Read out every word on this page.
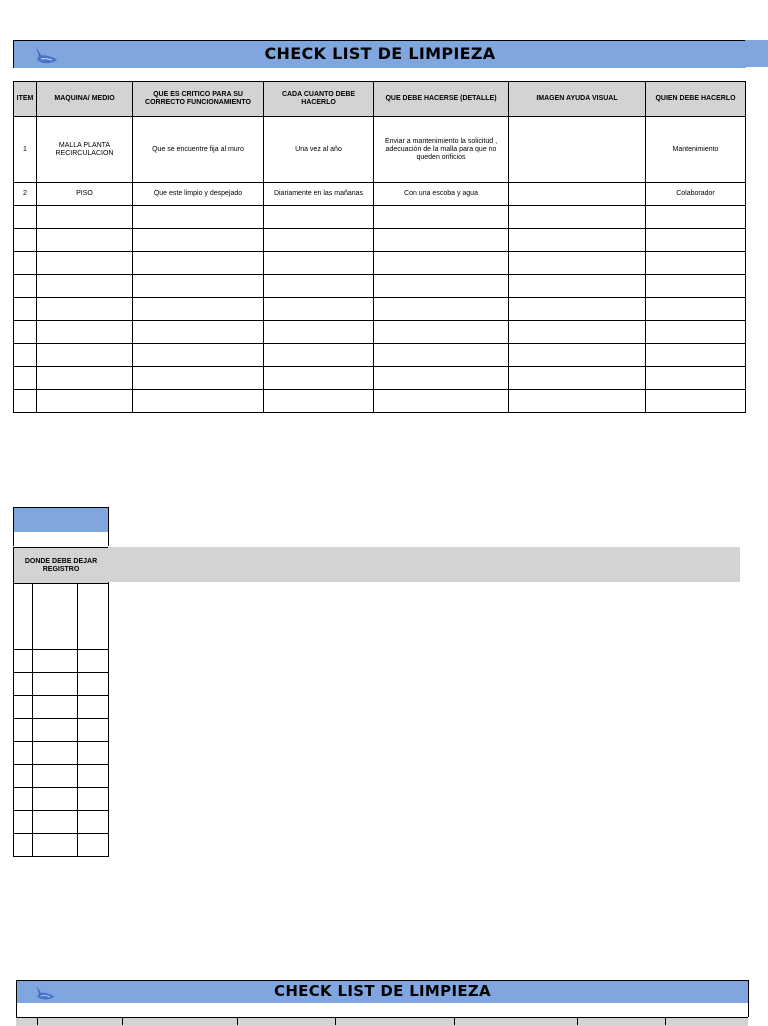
CHECK LIST DE LIMPIEZA
ITEM	MAQUINA/ MEDIO	QUE ES CRITICO PARA SU CORRECTO FUNCIONAMIENTO	CADA CUANTO DEBE HACERLO	QUE DEBE HACERSE (DETALLE)	IMAGEN AYUDA VISUAL	QUIEN DEBE HACERLO
1	MALLA PLANTA RECIRCULACION	Que se encuentre fija al muro	Una vez al año	Enviar a mantenimiento la solicitud , adecuación de la malla para que no queden orificios		Mantenimiento
2	PISO	Que este limpio y despejado	Diariamente en las mañanas	Con una escoba y agua		Colaborador

DONDE DEBE DEJAR REGISTRO

CHECK LIST DE LIMPIEZA
